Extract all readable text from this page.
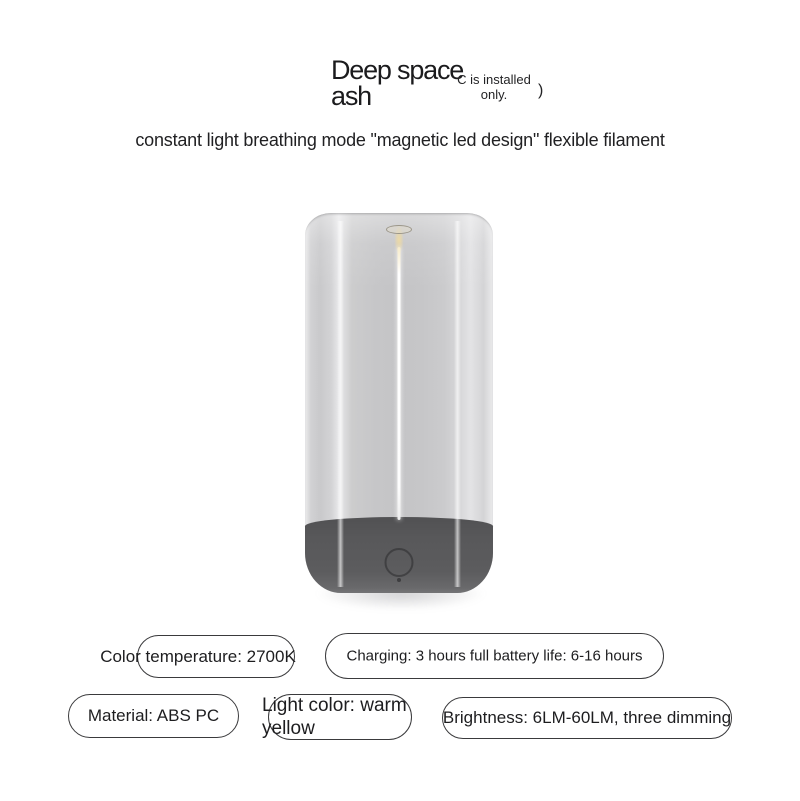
Deep space
ash
C is installed
only.	)
constant light breathing mode "magnetic led design" flexible filament
Color temperature: 2700K	Charging: 3 hours full battery life: 6-16 hours
Material: ABS PC Light color: warm
yellow
Brightness: 6LM-60LM, three dimming
